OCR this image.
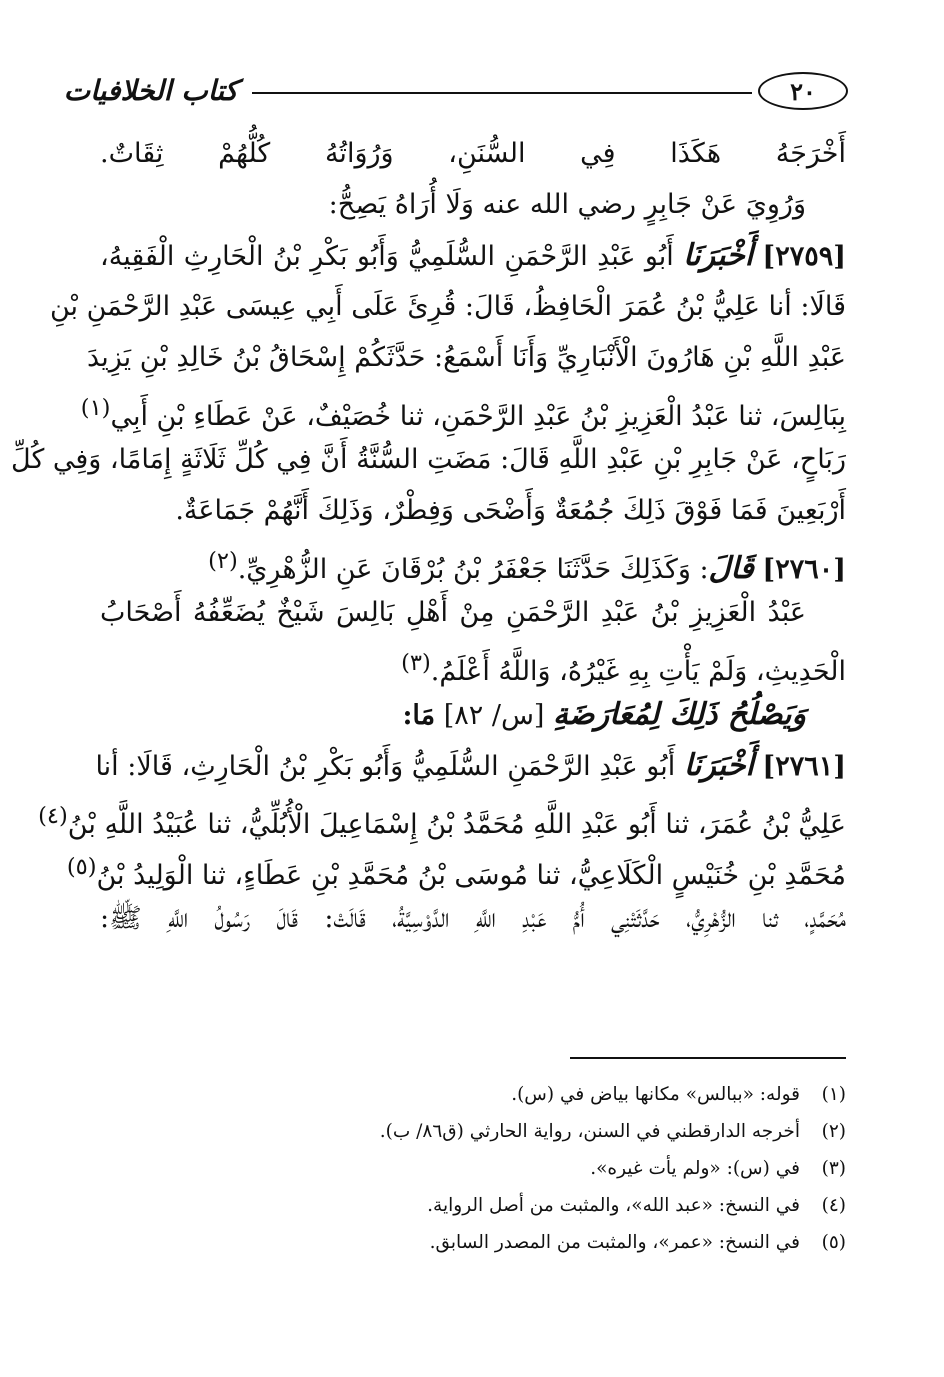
٢٠
كتاب الخلافيات
أَخْرَجَهُ هَكَذَا فِي السُّنَنِ، وَرُوَاتُهُ كُلُّهُمْ ثِقَاتٌ.
وَرُوِيَ عَنْ جَابِرٍ رضي الله عنه وَلَا أُرَاهُ يَصِحُّ:
[٢٧٥٩] أَخْبَرَنَا أَبُو عَبْدِ الرَّحْمَنِ السُّلَمِيُّ وَأَبُو بَكْرِ بْنُ الْحَارِثِ الْفَقِيهُ،
قَالَا: أنا عَلِيُّ بْنُ عُمَرَ الْحَافِظُ، قَالَ: قُرِئَ عَلَى أَبِي عِيسَى عَبْدِ الرَّحْمَنِ بْنِ
عَبْدِ اللَّهِ بْنِ هَارُونَ الْأَنْبَارِيِّ وَأَنَا أَسْمَعُ: حَدَّثَكُمْ إِسْحَاقُ بْنُ خَالِدِ بْنِ يَزِيدَ
بِبَالِسَ، ثنا عَبْدُ الْعَزِيزِ بْنُ عَبْدِ الرَّحْمَنِ، ثنا خُصَيْفٌ، عَنْ عَطَاءِ بْنِ أَبِي$^{(١)}$
رَبَاحٍ، عَنْ جَابِرِ بْنِ عَبْدِ اللَّهِ قَالَ: مَضَتِ السُّنَّةُ أَنَّ فِي كُلِّ ثَلَاثَةٍ إِمَامًا، وَفِي كُلِّ
أَرْبَعِينَ فَمَا فَوْقَ ذَلِكَ جُمُعَةٌ وَأَضْحَى وَفِطْرٌ، وَذَلِكَ أَنَّهُمْ جَمَاعَةٌ.
[٢٧٦٠] قَالَ: وَكَذَلِكَ حَدَّثَنَا جَعْفَرُ بْنُ بُرْقَانَ عَنِ الزُّهْرِيِّ.$^{(٢)}$
عَبْدُ الْعَزِيزِ بْنُ عَبْدِ الرَّحْمَنِ مِنْ أَهْلِ بَالِسَ شَيْخٌ يُضَعِّفُهُ أَصْحَابُ
الْحَدِيثِ، وَلَمْ يَأْتِ بِهِ غَيْرُهُ، وَاللَّهُ أَعْلَمُ.$^{(٣)}$
وَيَصْلُحُ ذَلِكَ لِمُعَارَضَةِ [س/ ٨٢] مَا:
[٢٧٦١] أَخْبَرَنَا أَبُو عَبْدِ الرَّحْمَنِ السُّلَمِيُّ وَأَبُو بَكْرِ بْنُ الْحَارِثِ، قَالَا: أنا
عَلِيُّ بْنُ عُمَرَ، ثنا أَبُو عَبْدِ اللَّهِ مُحَمَّدُ بْنُ إِسْمَاعِيلَ الْأُبُلِّيُّ، ثنا عُبَيْدُ اللَّهِ بْنُ$^{(٤)}$
مُحَمَّدِ بْنِ خُنَيْسٍ الْكَلَاعِيُّ، ثنا مُوسَى بْنُ مُحَمَّدِ بْنِ عَطَاءٍ، ثنا الْوَلِيدُ بْنُ$^{(٥)}$
مُحَمَّدٍ، ثنا الزُّهْرِيُّ، حَدَّثَتْنِي أُمُّ عَبْدِ اللَّهِ الدَّوْسِيَّةُ، قَالَتْ: قَالَ رَسُولُ اللَّهِ ﷺ:
(١)قوله: «ببالس» مكانها بياض في (س).
(٢)أخرجه الدارقطني في السنن، رواية الحارثي (ق٨٦/ ب).
(٣)في (س): «ولم يأت غيره».
(٤)في النسخ: «عبد الله»، والمثبت من أصل الرواية.
(٥)في النسخ: «عمر»، والمثبت من المصدر السابق.
